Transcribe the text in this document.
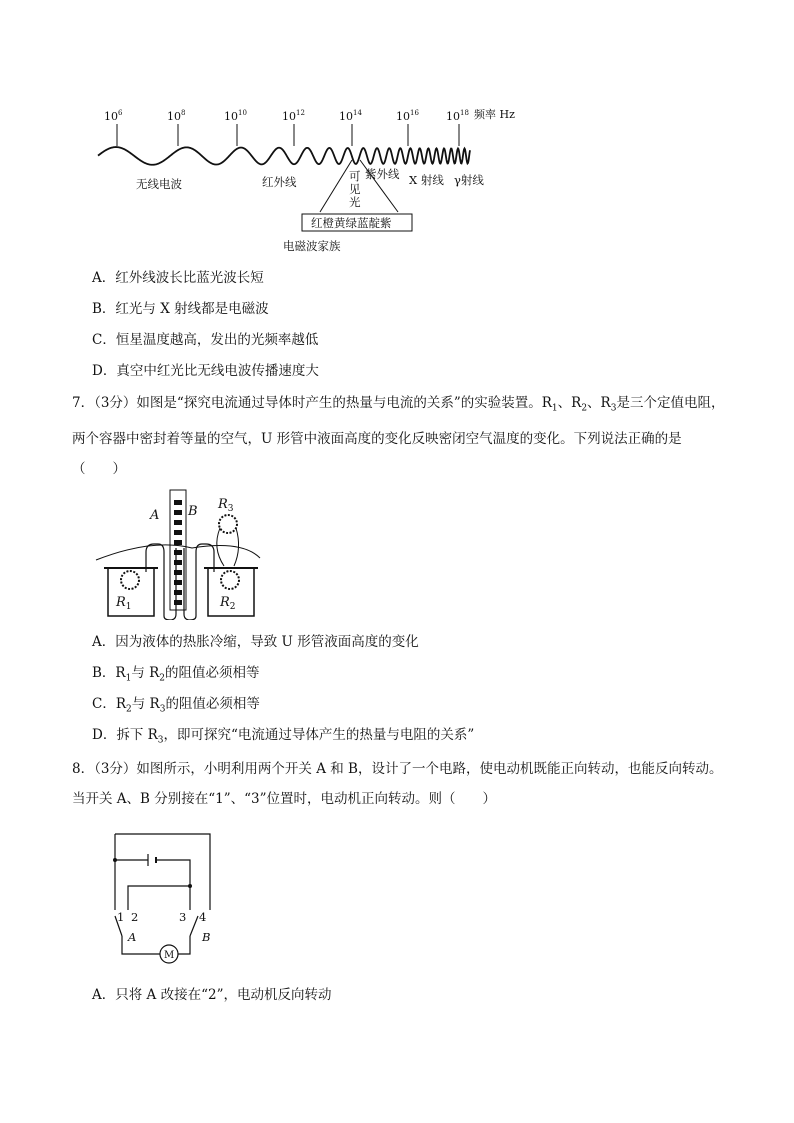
$10^6$	$10^8$	$10^{10}$	$10^{12}$	$10^{14}$	$10^{16}$ $10^{18}$ 频率 Hz
无线电波	红外线	可
见
光
紫外线 X 射线 γ射线
红橙黄绿蓝靛紫
电磁波家族
A．红外线波长比蓝光波长短
B．红光与 X 射线都是电磁波
C．恒星温度越高，发出的光频率越低
D．真空中红光比无线电波传播速度大
7．（3分）如图是“探究电流通过导体时产生的热量与电流的关系”的实验装置。$R_1$、$R_2$、$R_3$是三个定值电阻，两个容器中密封着等量的空气，U 形管中液面高度的变化反映密闭空气温度的变化。下列说法正确的是（　　）
A B
$R_1$	$R_2$
$R_3$
A．因为液体的热胀冷缩，导致 U 形管液面高度的变化
B．$R_1$与 $R_2$的阻值必须相等
C．$R_2$与 $R_3$的阻值必须相等
D．拆下 $R_3$，即可探究“电流通过导体产生的热量与电阻的关系”
8．（3分）如图所示，小明利用两个开关 A 和 B，设计了一个电路，使电动机既能正向转动，也能反向转动。当开关 A、B 分别接在“1”、“3”位置时，电动机正向转动。则（　　）
1 2	3 4
A	B
M
A．只将 A 改接在“2”，电动机反向转动
